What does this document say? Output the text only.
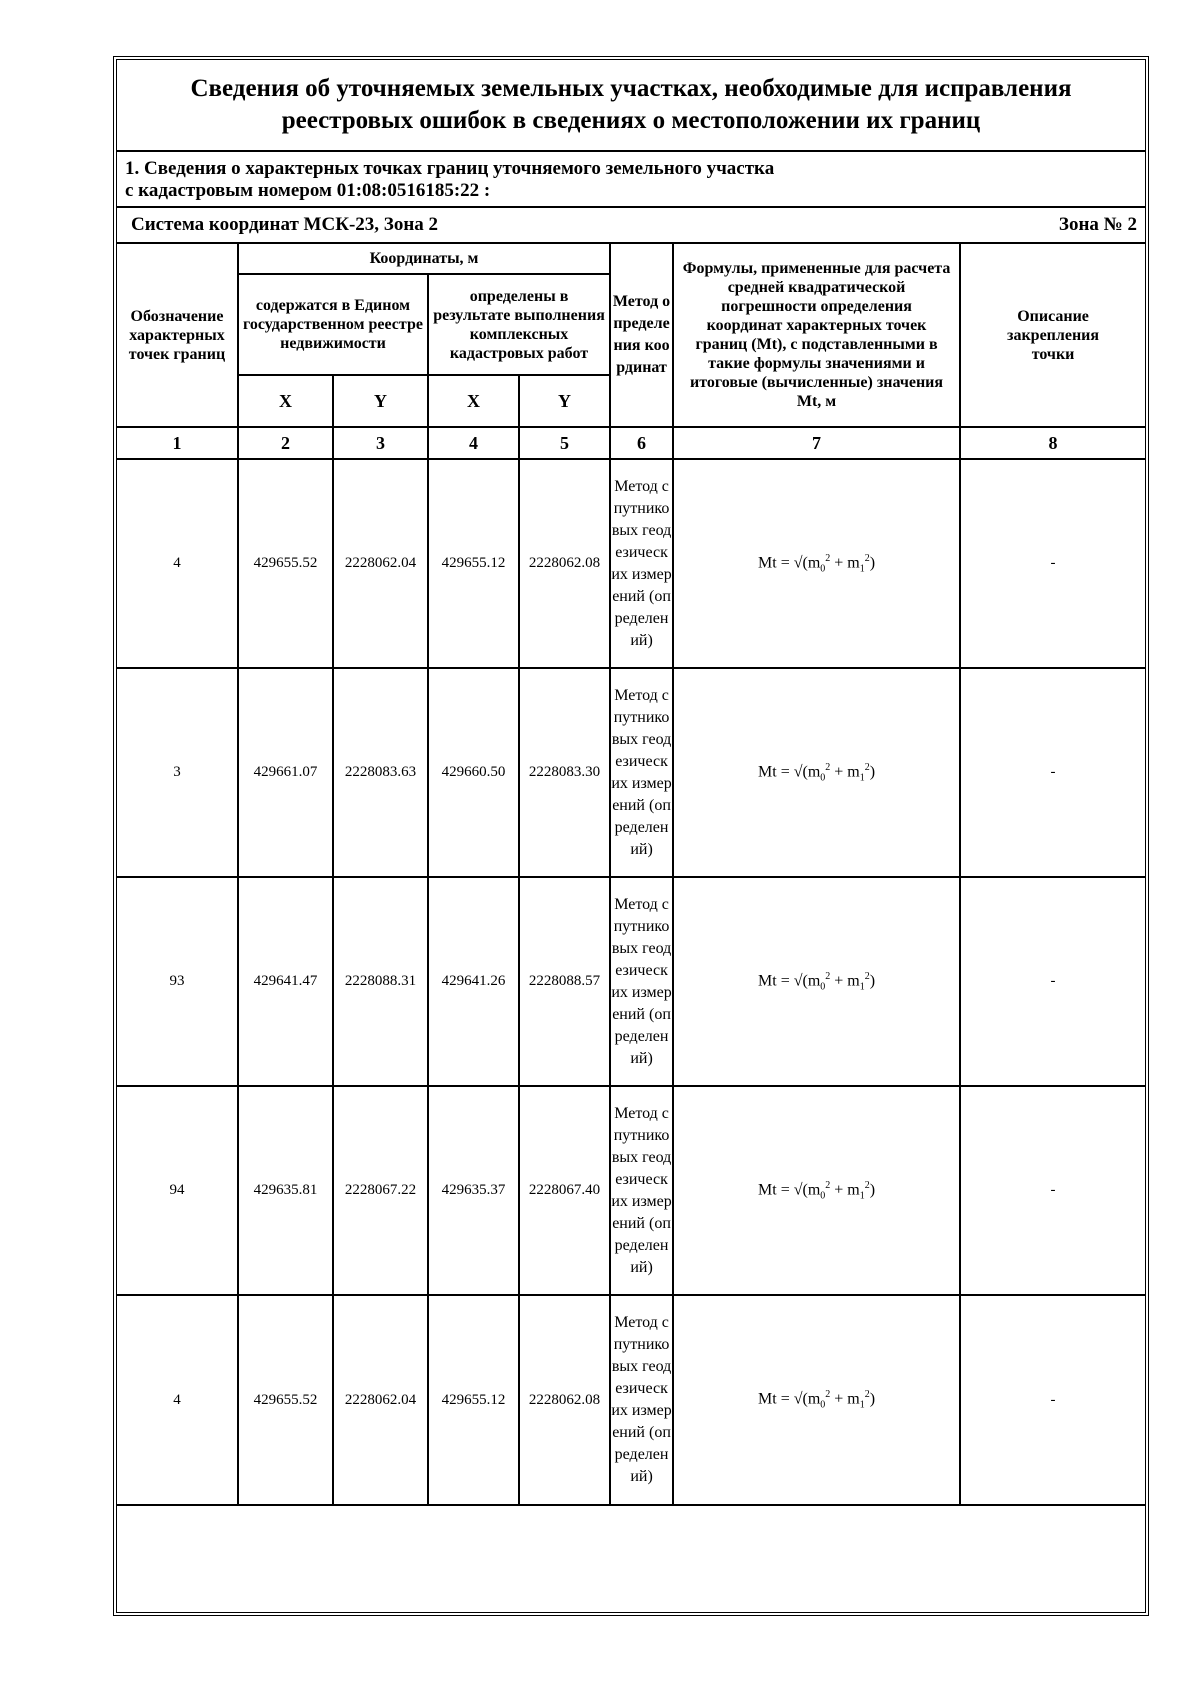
Сведения об уточняемых земельных участках, необходимые для исправления
реестровых ошибок в сведениях о местоположении их границ
1. Сведения о характерных точках границ уточняемого земельного участка
с кадастровым номером 01:08:0516185:22 :
Система координат МСК-23, Зона 2	Зона № 2
Обозначение характерных точек границ	Координаты, м				Метод определения координат	Формулы, примененные для расчета средней квадратической погрешности определения координат характерных точек границ (Mt), с подставленными в такие формулы значениями и итоговые (вычисленные) значения Mt, м	Описание закрепления точки
	содержатся в Едином государственном реестре недвижимости		определены в результате выполнения комплексных кадастровых работ				
	X	Y	X	Y			
1	2	3	4	5	6	7	8
4	429655.52	2228062.04	429655.12	2228062.08	Метод спутниковых геодезических измерений (определений)	$Mt = √(m_0^2 + m_1^2)$	-
3	429661.07	2228083.63	429660.50	2228083.30	Метод спутниковых геодезических измерений (определений)	$Mt = √(m_0^2 + m_1^2)$	-
93	429641.47	2228088.31	429641.26	2228088.57	Метод спутниковых геодезических измерений (определений)	$Mt = √(m_0^2 + m_1^2)$	-
94	429635.81	2228067.22	429635.37	2228067.40	Метод спутниковых геодезических измерений (определений)	$Mt = √(m_0^2 + m_1^2)$	-
4	429655.52	2228062.04	429655.12	2228062.08	Метод спутниковых геодезических измерений (определений)	$Mt = √(m_0^2 + m_1^2)$	-
